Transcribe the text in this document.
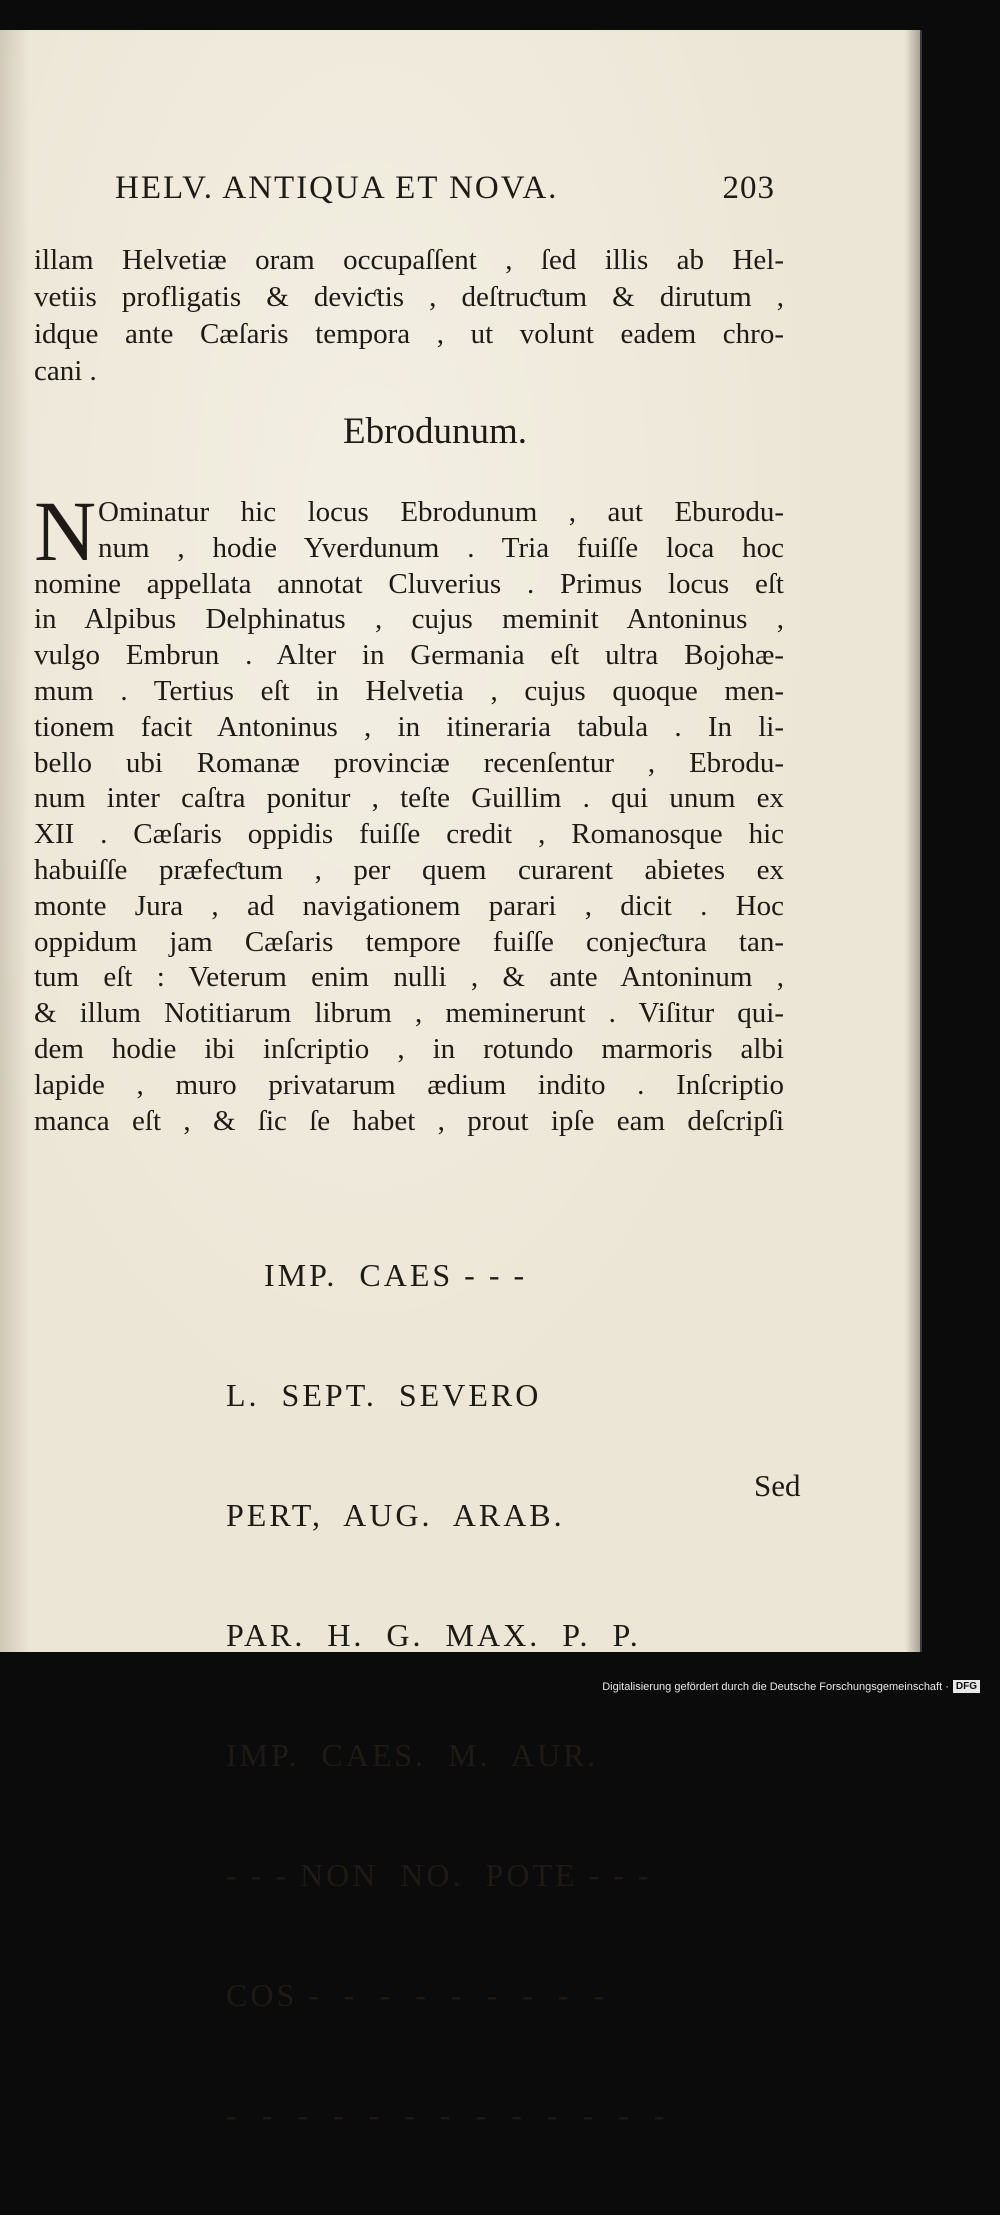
HELV. ANTIQUA ET NOVA.	203
illam Helvetiæ oram occupaſſent , ſed illis ab Hel-
vetiis profligatis & deviƈtis , deſtruƈtum & dirutum ,
idque ante Cæſaris tempora , ut volunt eadem chro-
cani .
Ebrodunum.
N Ominatur hic locus Ebrodunum , aut Eburodu-
num , hodie Yverdunum . Tria fuiſſe loca hoc
nomine appellata annotat Cluverius . Primus locus eſt
in Alpibus Delphinatus , cujus meminit Antoninus ,
vulgo Embrun . Alter in Germania eſt ultra Bojohæ-
mum . Tertius eſt in Helvetia , cujus quoque men-
tionem facit Antoninus , in itineraria tabula . In li-
bello ubi Romanæ provinciæ recenſentur , Ebrodu-
num inter caſtra ponitur , teſte Guillim . qui unum ex
XII . Cæſaris oppidis fuiſſe credit , Romanosque hic
habuiſſe præfeƈtum , per quem curarent abietes ex
monte Jura , ad navigationem parari , dicit . Hoc
oppidum jam Cæſaris tempore fuiſſe conjeƈtura tan-
tum eſt : Veterum enim nulli , & ante Antoninum ,
& illum Notitiarum librum , meminerunt . Viſitur qui-
dem hodie ibi inſcriptio , in rotundo marmoris albi
lapide , muro privatarum ædium indito . Inſcriptio
manca eſt , & ſic ſe habet , prout ipſe eam deſcripſi

IMP.  CAES - - -

L.  SEPT.  SEVERO

PERT,  AUG.  ARAB.

PAR.  H.  G.  MAX.  P.  P.

IMP.  CAES.  M.  AUR.

- - - NON  NO.  POTE - - -

COS -  -  -  -  -  -  -  -  -

-  -  -  -  -  -  -  -  -  -  -  -  -

Sed
Digitalisierung gefördert durch die Deutsche Forschungsgemeinschaft · DFG
